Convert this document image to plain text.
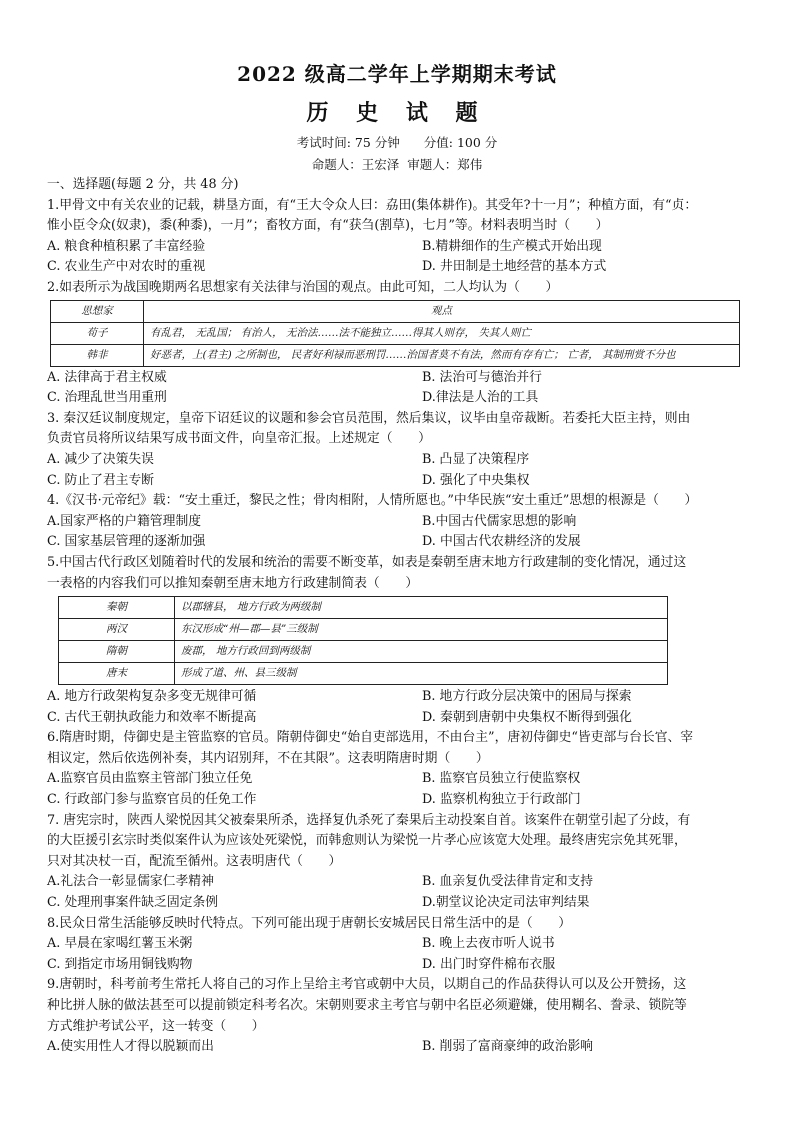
2022 级高二学年上学期期末考试
历 史 试 题
考试时间: 75 分钟 分值: 100 分
命题人：王宏泽 审题人：郑伟
一、选择题(每题 2 分，共 48 分)
1.甲骨文中有关农业的记载，耕垦方面，有“王大令众人曰：劦田(集体耕作)。其受年?十一月”；种植方面，有“贞：
惟小臣令众(奴隶)，黍(种黍)，一月”；畜牧方面，有“获刍(割草)，七月”等。材料表明当时（　　）
A. 粮食种植积累了丰富经验	B.精耕细作的生产模式开始出现
C. 农业生产中对农时的重视	D. 井田制是土地经营的基本方式
2.如表所示为战国晚期两名思想家有关法律与治国的观点。由此可知，二人均认为（　　）
思想家	观点
荀子	有乱君， 无乱国； 有治人， 无治法……法不能独立……得其人则存， 失其人则亡
韩非	好恶者，上(君主) 之所制也， 民者好利禄而恶刑罚……治国者莫不有法，然而有存有亡； 亡者， 其制刑赏不分也
A. 法律高于君主权威	B. 法治可与德治并行
C. 治理乱世当用重刑	D.律法是人治的工具
3. 秦汉廷议制度规定，皇帝下诏廷议的议题和参会官员范围，然后集议，议毕由皇帝裁断。若委托大臣主持，则由
负责官员将所议结果写成书面文件，向皇帝汇报。上述规定（　　）
A. 减少了决策失误	B. 凸显了决策程序
C. 防止了君主专断	D. 强化了中央集权
4.《汉书·元帝纪》载：“安土重迁，黎民之性；骨肉相附，人情所愿也。”中华民族“安土重迁”思想的根源是（　　）
A.国家严格的户籍管理制度	B.中国古代儒家思想的影响
C. 国家基层管理的逐渐加强	D. 中国古代农耕经济的发展
5.中国古代行政区划随着时代的发展和统治的需要不断变革，如表是秦朝至唐末地方行政建制的变化情况，通过这
一表格的内容我们可以推知秦朝至唐末地方行政建制简表（　　）
秦朝	以郡辖县， 地方行政为两级制
两汉	东汉形成“州—郡—县”三级制
隋朝	废郡， 地方行政回到两级制
唐末	形成了道、州、县三级制
A. 地方行政架构复杂多变无规律可循	B. 地方行政分层决策中的困局与探索
C. 古代王朝执政能力和效率不断提高	D. 秦朝到唐朝中央集权不断得到强化
6.隋唐时期，侍御史是主管监察的官员。隋朝侍御史“始自吏部选用，不由台主”，唐初侍御史“皆吏部与台长官、宰
相议定，然后依选例补奏，其内诏别拜，不在其限”。这表明隋唐时期（　　）
A.监察官员由监察主管部门独立任免	B. 监察官员独立行使监察权
C. 行政部门参与监察官员的任免工作	D. 监察机构独立于行政部门
7. 唐宪宗时，陕西人梁悦因其父被秦果所杀，选择复仇杀死了秦果后主动投案自首。该案件在朝堂引起了分歧，有
的大臣援引玄宗时类似案件认为应该处死梁悦，而韩愈则认为梁悦一片孝心应该宽大处理。最终唐宪宗免其死罪，
只对其决杖一百，配流至循州。这表明唐代（　　）
A.礼法合一彰显儒家仁孝精神	B. 血亲复仇受法律肯定和支持
C. 处理刑事案件缺乏固定条例	D.朝堂议论决定司法审判结果
8.民众日常生活能够反映时代特点。下列可能出现于唐朝长安城居民日常生活中的是（　　）
A. 早晨在家喝红薯玉米粥	B. 晚上去夜市听人说书
C. 到指定市场用铜钱购物	D. 出门时穿件棉布衣服
9.唐朝时，科考前考生常托人将自己的习作上呈给主考官或朝中大员，以期自己的作品获得认可以及公开赞扬，这
种比拼人脉的做法甚至可以提前锁定科考名次。宋朝则要求主考官与朝中名臣必须避嫌，使用糊名、誊录、锁院等
方式维护考试公平，这一转变（　　）
A.使实用性人才得以脱颖而出	B. 削弱了富商豪绅的政治影响
